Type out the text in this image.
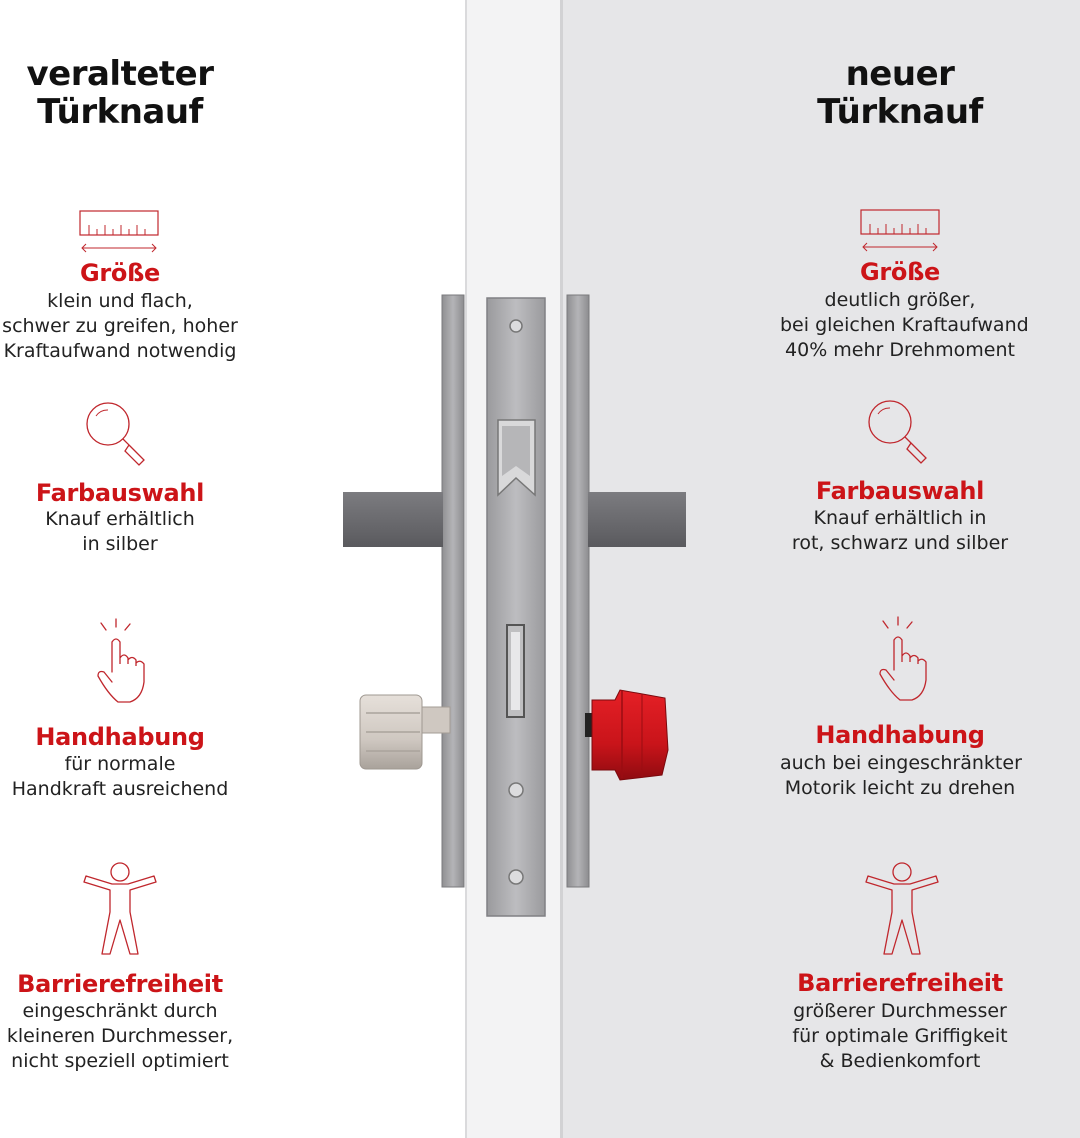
veralteter
Türknauf
Größe
klein und flach,
schwer zu greifen, hoher
Kraftaufwand notwendig
Farbauswahl
Knauf erhältlich
in silber
Handhabung
für normale
Handkraft ausreichend
Barrierefreiheit
eingeschränkt durch
kleineren Durchmesser,
nicht speziell optimiert
neuer
Türknauf
Größe
deutlich größer,
bei gleichen Kraftaufwand
40% mehr Drehmoment
Farbauswahl
Knauf erhältlich in
rot, schwarz und silber
Handhabung
auch bei eingeschränkter
Motorik leicht zu drehen
Barrierefreiheit
größerer Durchmesser
für optimale Griffigkeit
& Bedienkomfort
